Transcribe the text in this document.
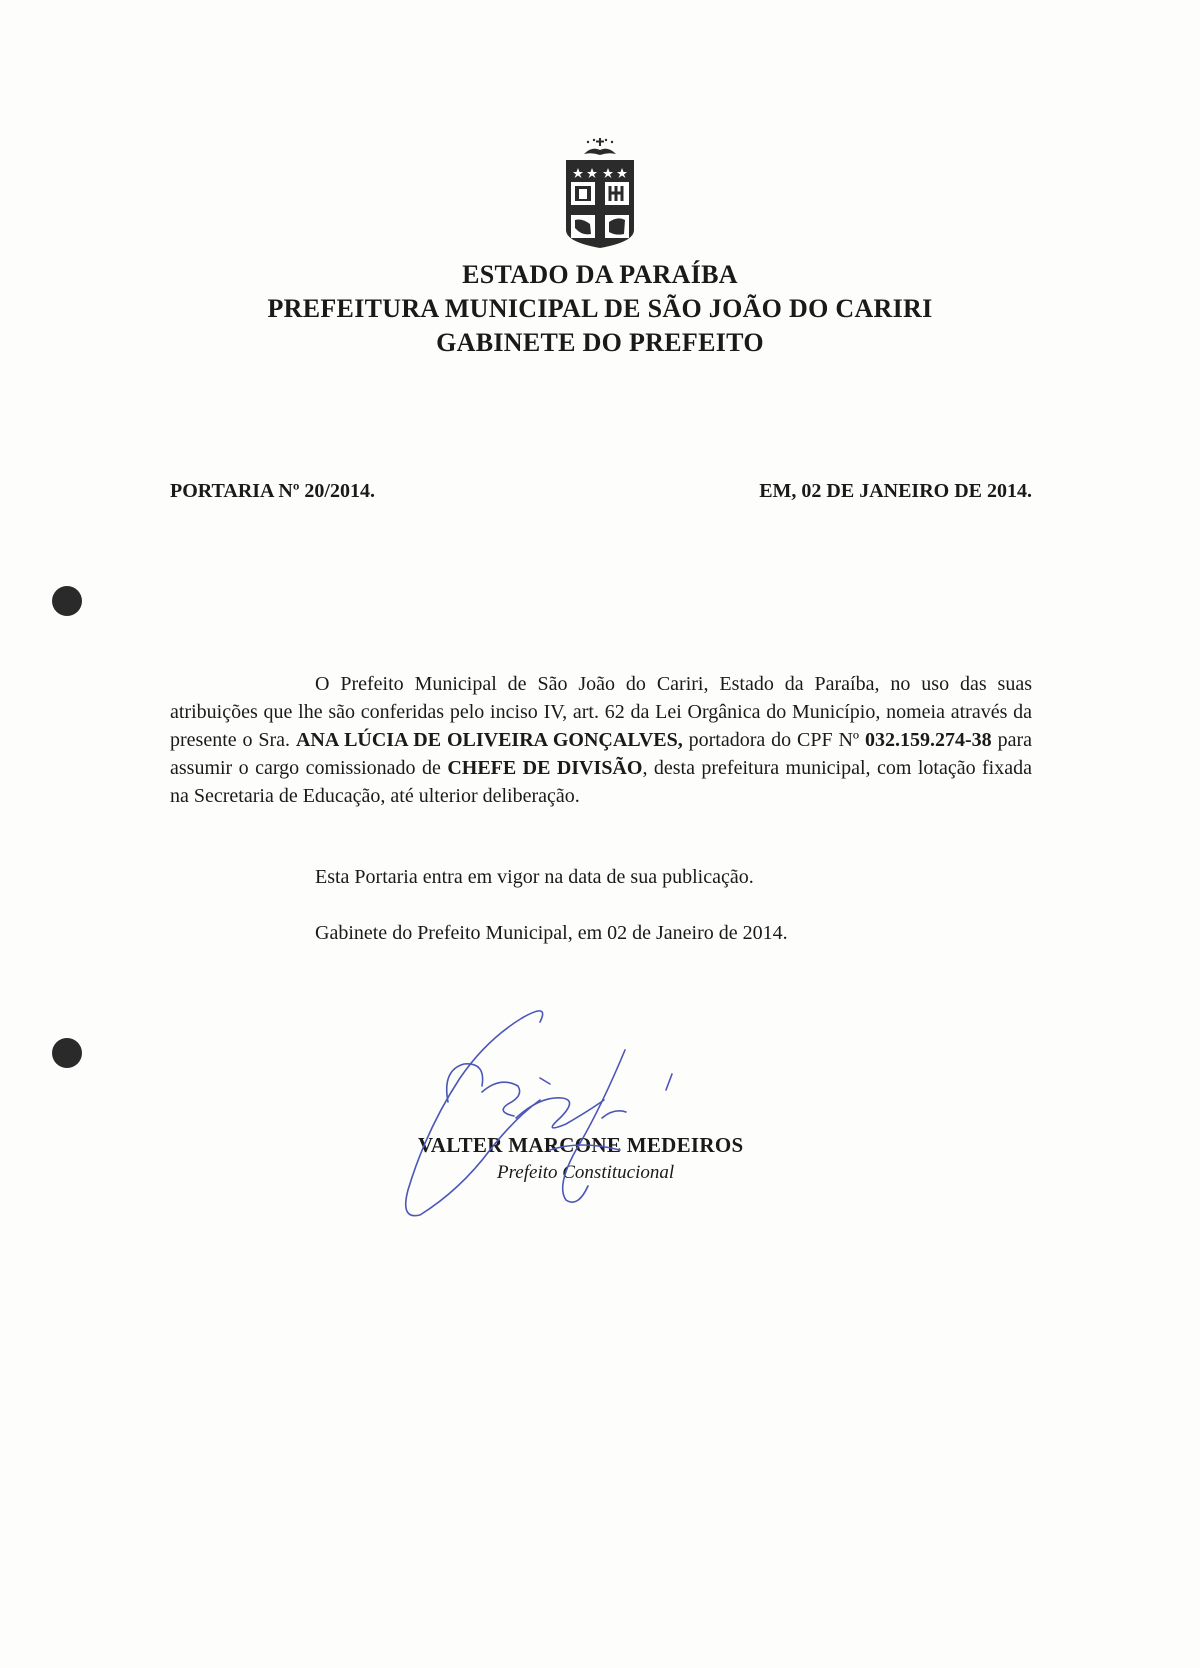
ESTADO DA PARAÍBA
PREFEITURA MUNICIPAL DE SÃO JOÃO DO CARIRI
GABINETE DO PREFEITO
PORTARIA Nº 20/2014.	EM, 02 DE JANEIRO DE 2014.
O Prefeito Municipal de São João do Cariri, Estado da Paraíba, no uso das suas atribuições que lhe são conferidas pelo inciso IV, art. 62 da Lei Orgânica do Município, nomeia através da presente o Sra. ANA LÚCIA DE OLIVEIRA GONÇALVES, portadora do CPF Nº 032.159.274-38 para assumir o cargo comissionado de CHEFE DE DIVISÃO, desta prefeitura municipal, com lotação fixada na Secretaria de Educação, até ulterior deliberação.
Esta Portaria entra em vigor na data de sua publicação.
Gabinete do Prefeito Municipal, em 02 de Janeiro de 2014.
VALTER MARCONE MEDEIROS
Prefeito Constitucional
